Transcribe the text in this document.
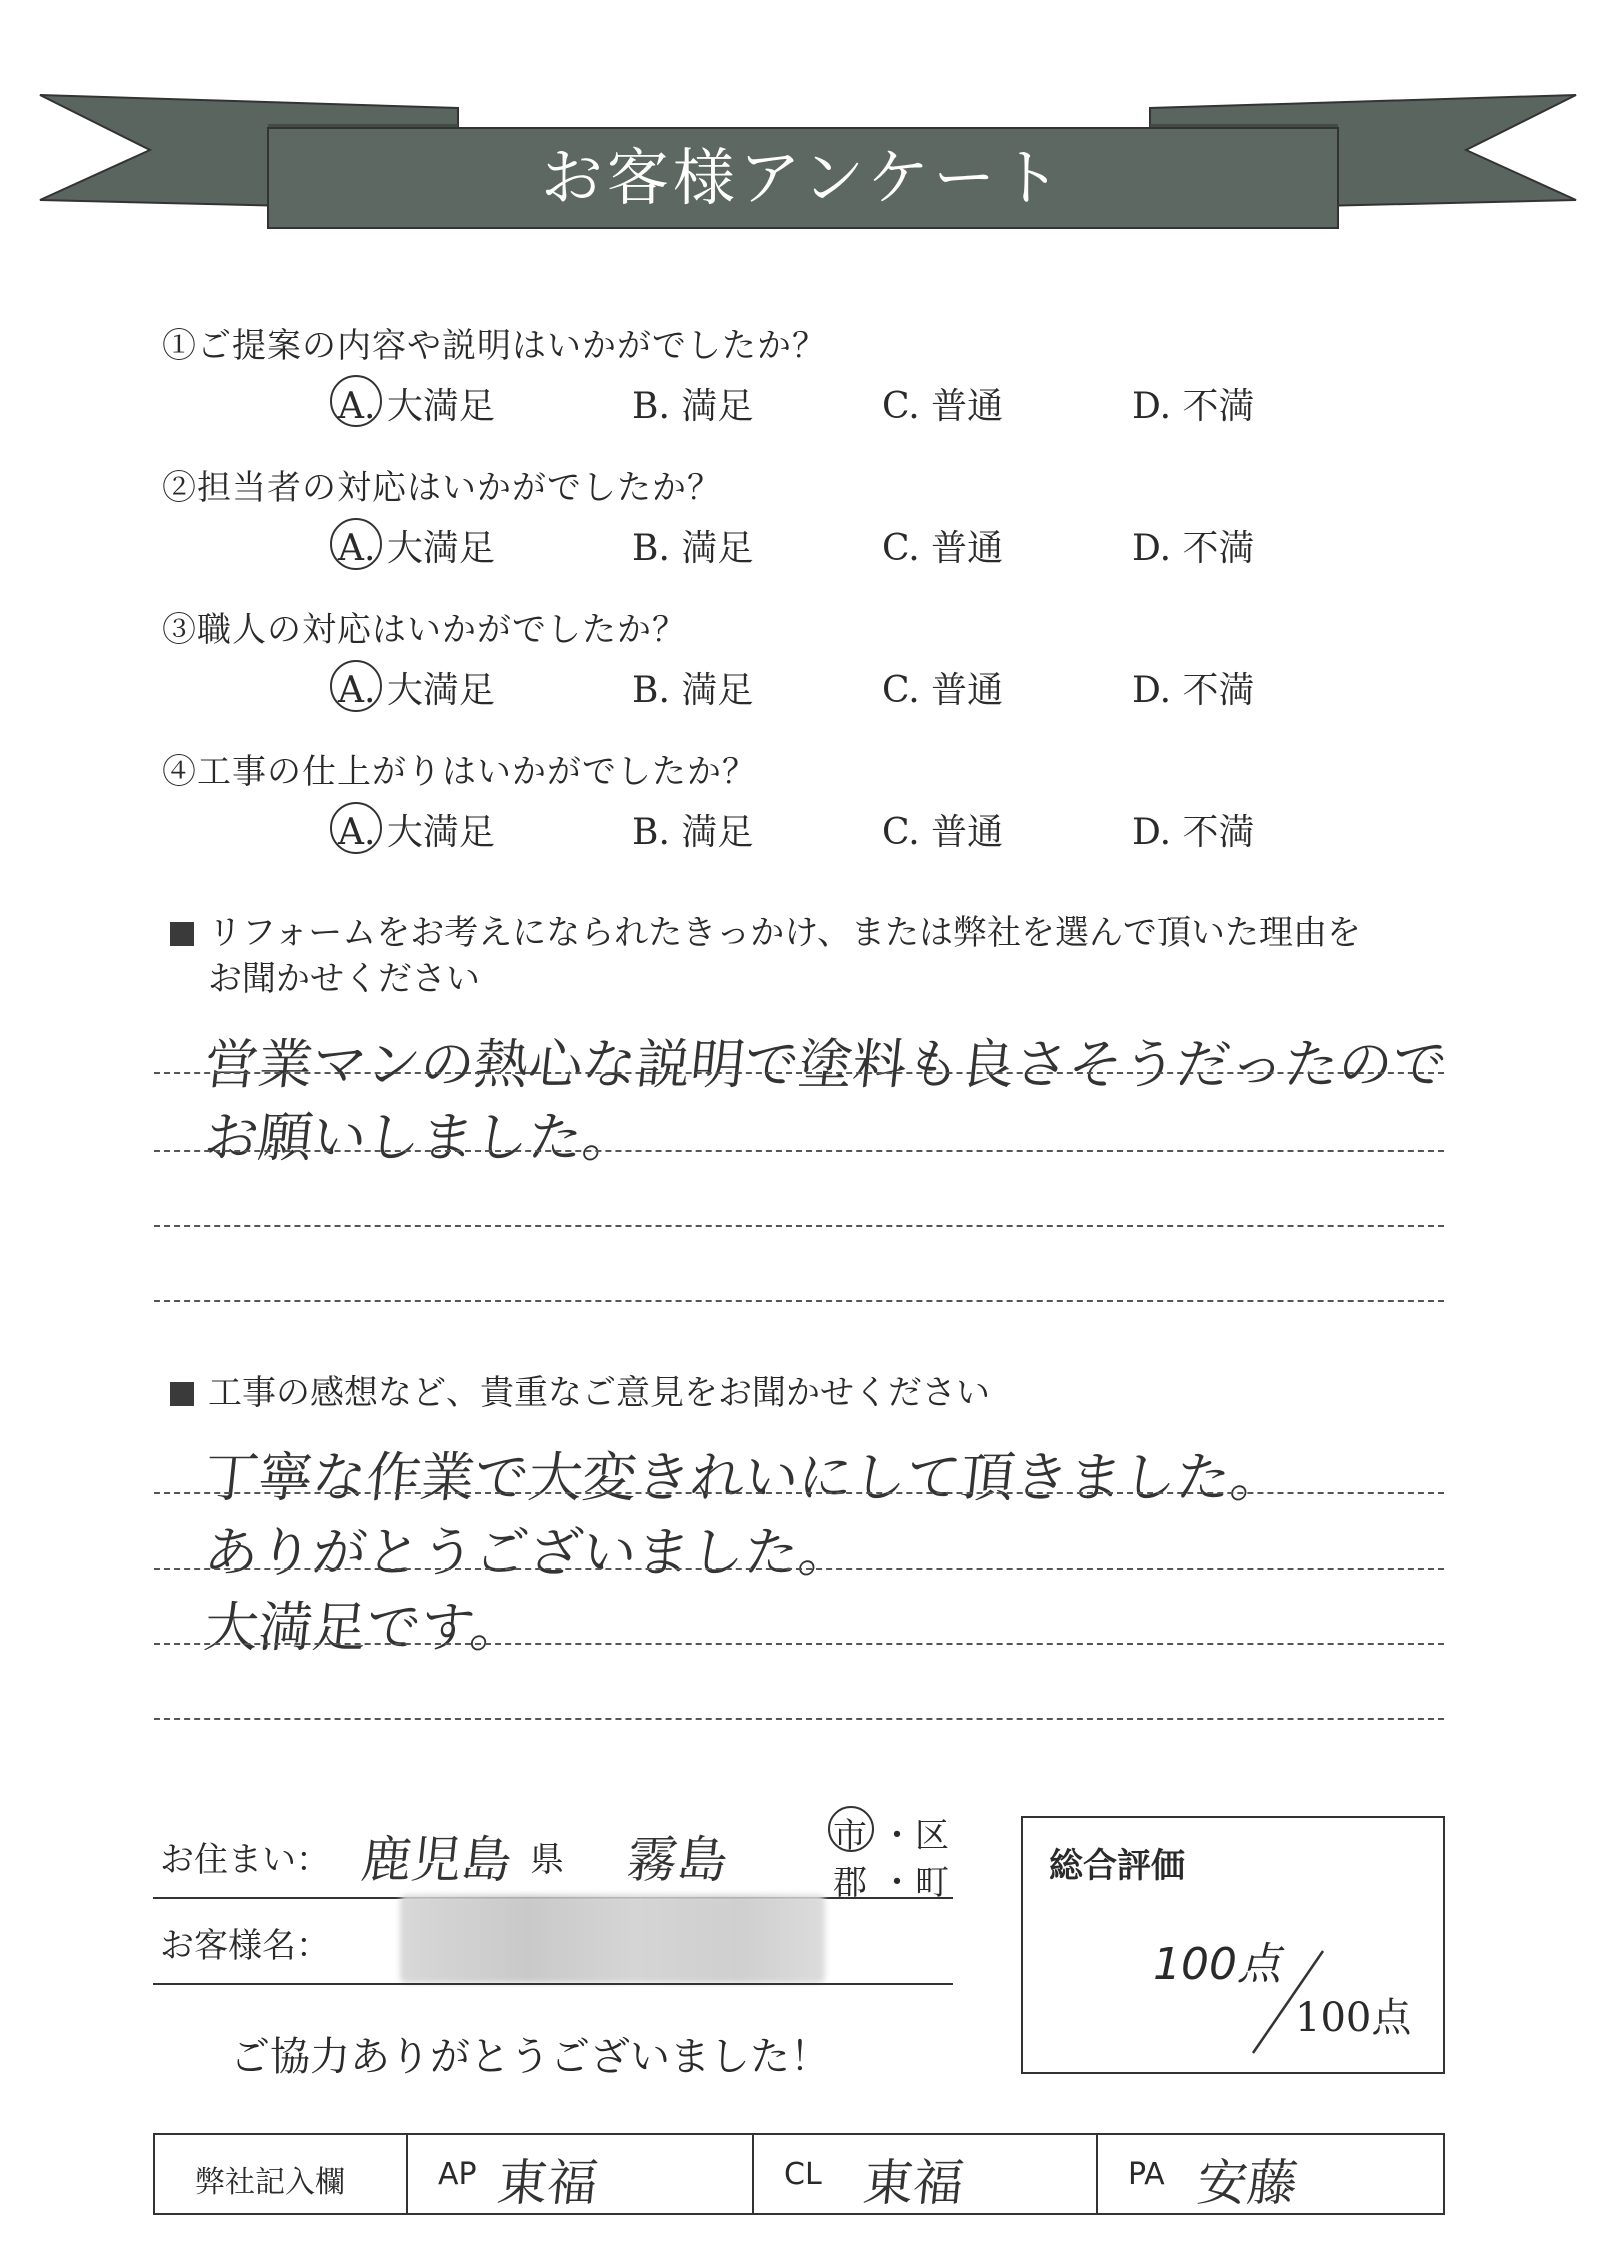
お客様アンケート
①ご提案の内容や説明はいかがでしたか？
A. 大満足	B. 満足	C. 普通	D. 不満
②担当者の対応はいかがでしたか？
A. 大満足	B. 満足	C. 普通	D. 不満
③職人の対応はいかがでしたか？
A. 大満足	B. 満足	C. 普通	D. 不満
④工事の仕上がりはいかがでしたか？
A. 大満足	B. 満足	C. 普通	D. 不満
リフォームをお考えになられたきっかけ、または弊社を選んで頂いた理由を
お聞かせください
営業マンの熱心な説明で塗料も良さそうだったので
お願いしました。
工事の感想など、貴重なご意見をお聞かせください
丁寧な作業で大変きれいにして頂きました。
ありがとうございました。
大満足です。
お住まい： 鹿児島 県 霧島	市 ・ 区
郡 ・ 町
お客様名：
ご協力ありがとうございました！
総合評価
100点
100点
弊社記入欄	AP 東福	CL 東福	PA 安藤
